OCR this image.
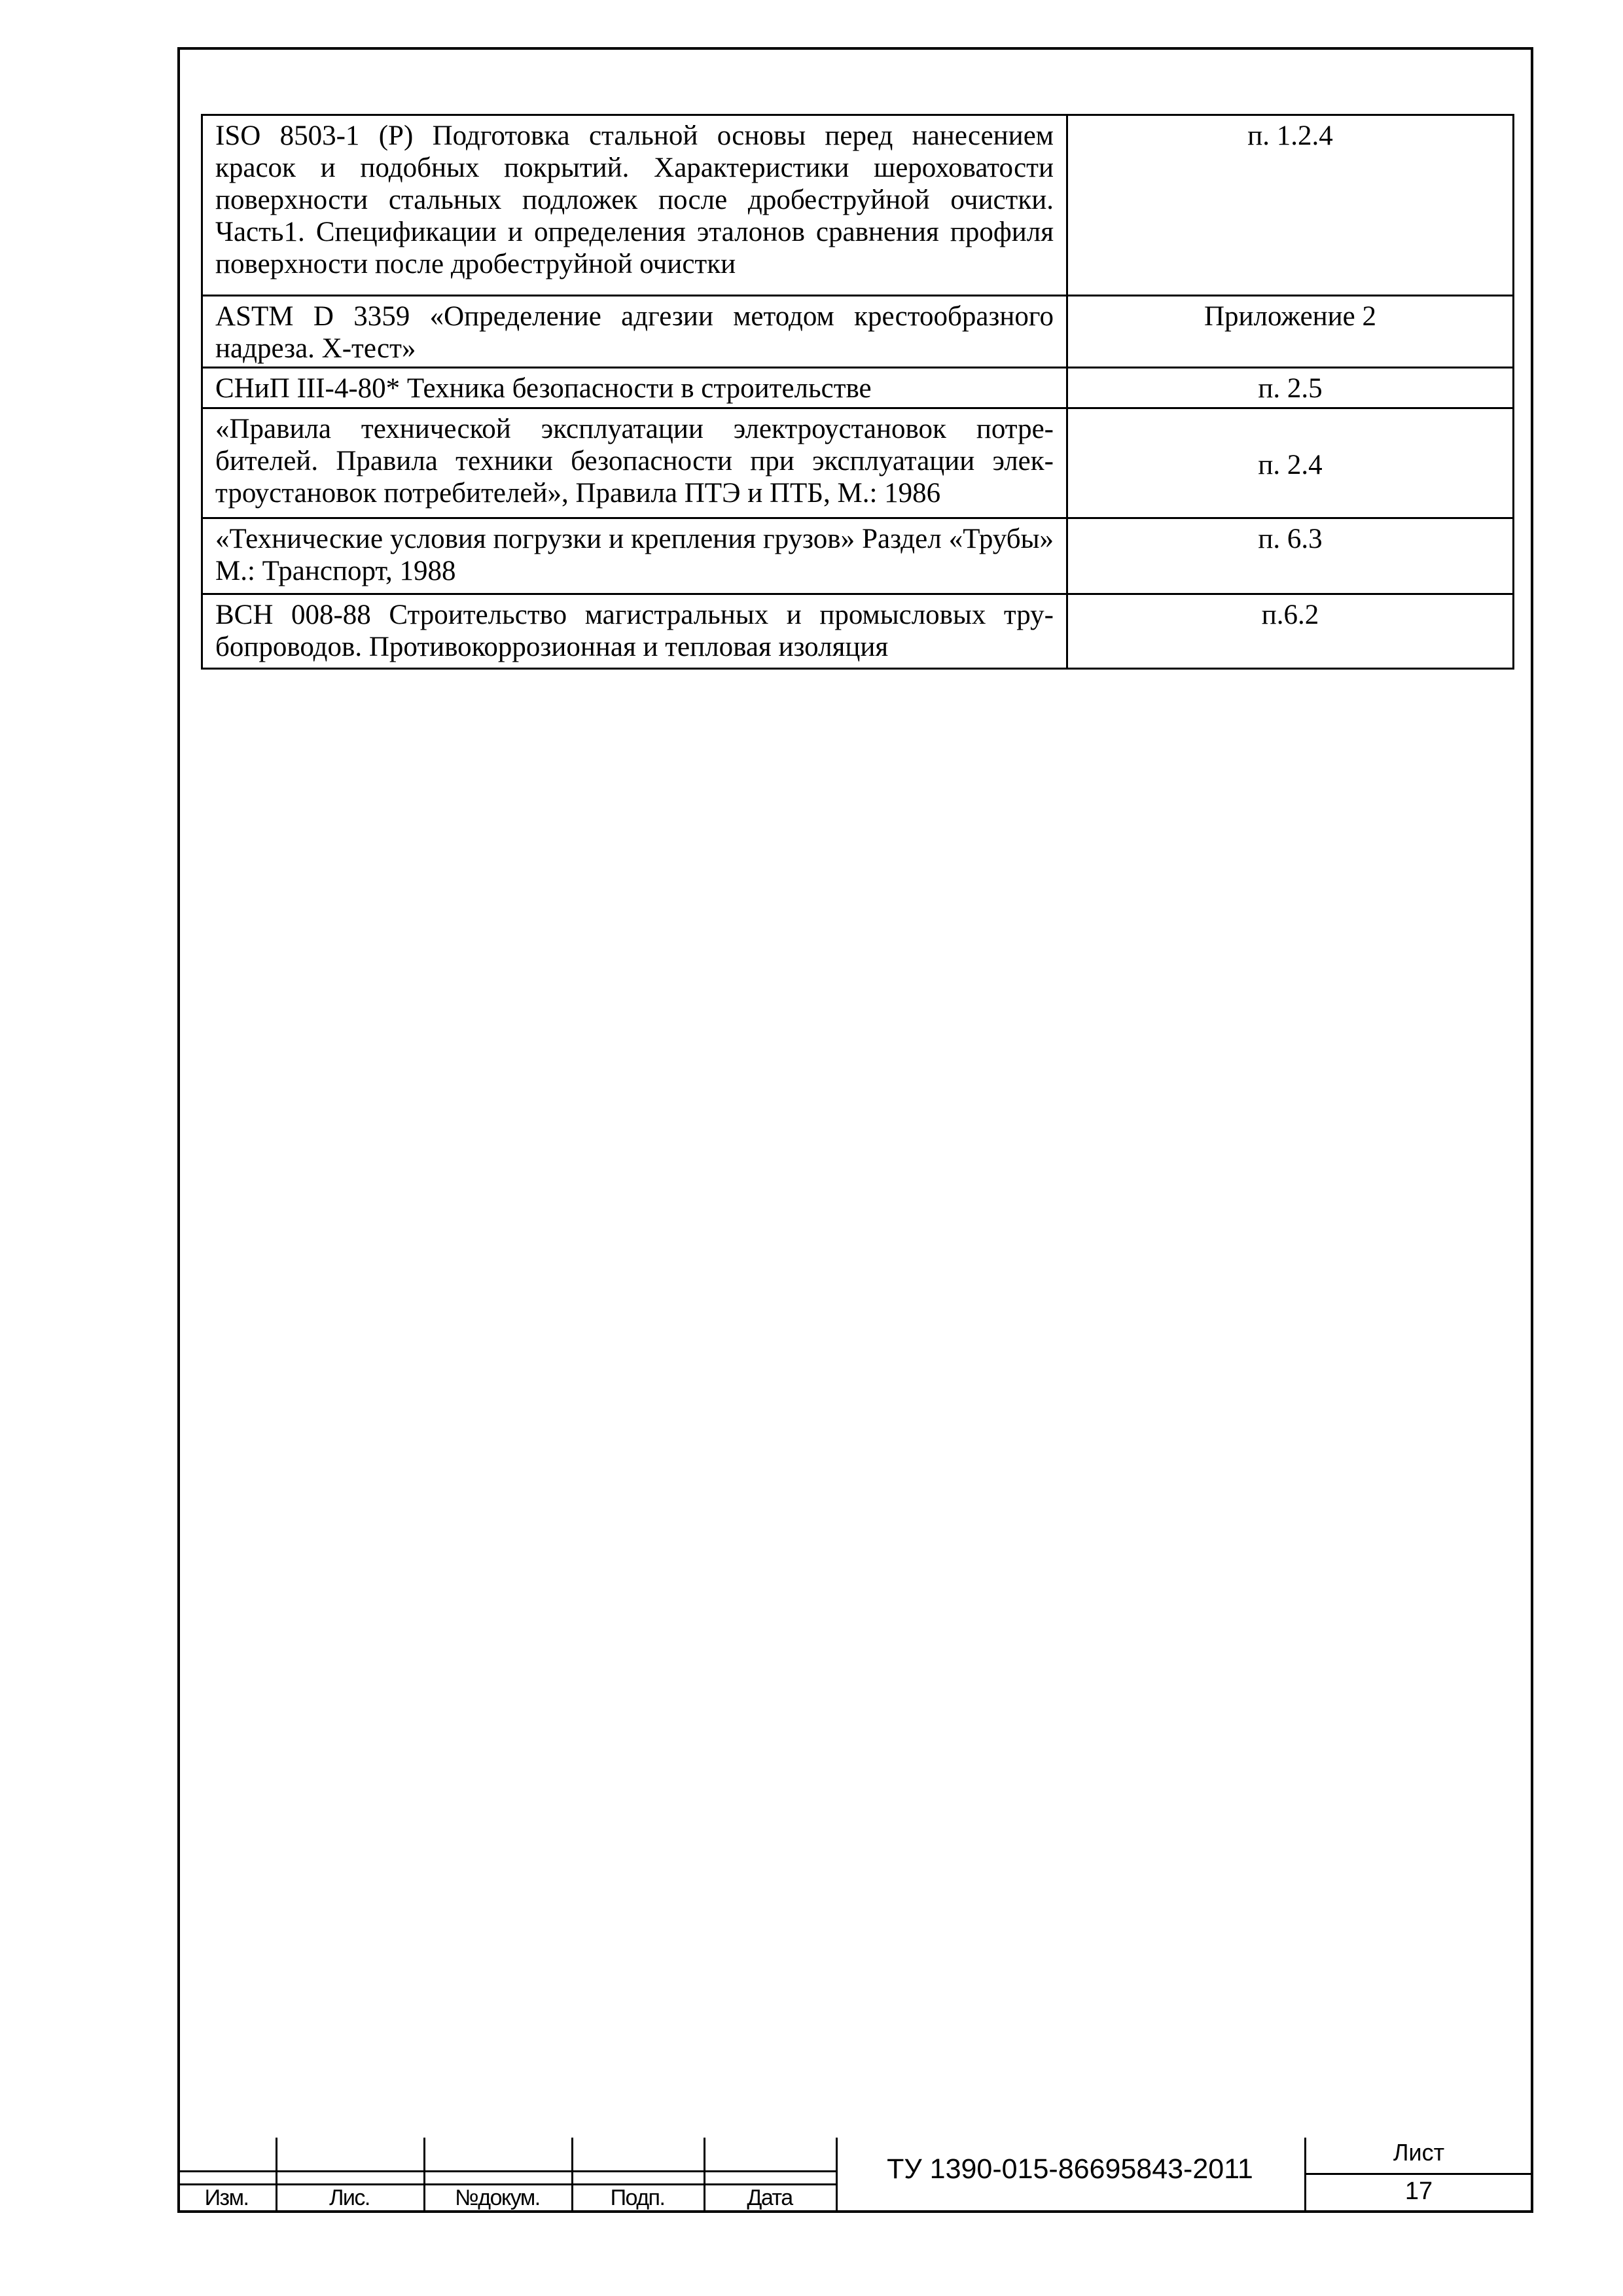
ISO 8503-1 (Р) Подготовка стальной основы перед нанесением красок и подобных покрытий. Характеристики шероховатости поверхности стальных подложек после дробеструйной очистки. Часть1. Спецификации и определения эталонов сравнения профиля поверхности после дробеструйной очистки	п. 1.2.4
ASTM D 3359 «Определение адгезии методом крестообразного надреза. X-тест»	Приложение 2
СНиП III-4-80* Техника безопасности в строительстве	п. 2.5
«Правила технической эксплуатации электроустановок потребителей. Правила техники безопасности при эксплуатации электроустановок потребителей», Правила ПТЭ и ПТБ, М.: 1986	п. 2.4
«Технические условия погрузки и крепления грузов» Раздел «Трубы» М.: Транспорт, 1988	п. 6.3
ВСН 008-88 Строительство магистральных и промысловых трубопроводов. Противокоррозионная и тепловая изоляция	п.6.2
Изм.	Лис.	№докум.	Подп.	Дата
ТУ 1390-015-86695843-2011
Лист
17
